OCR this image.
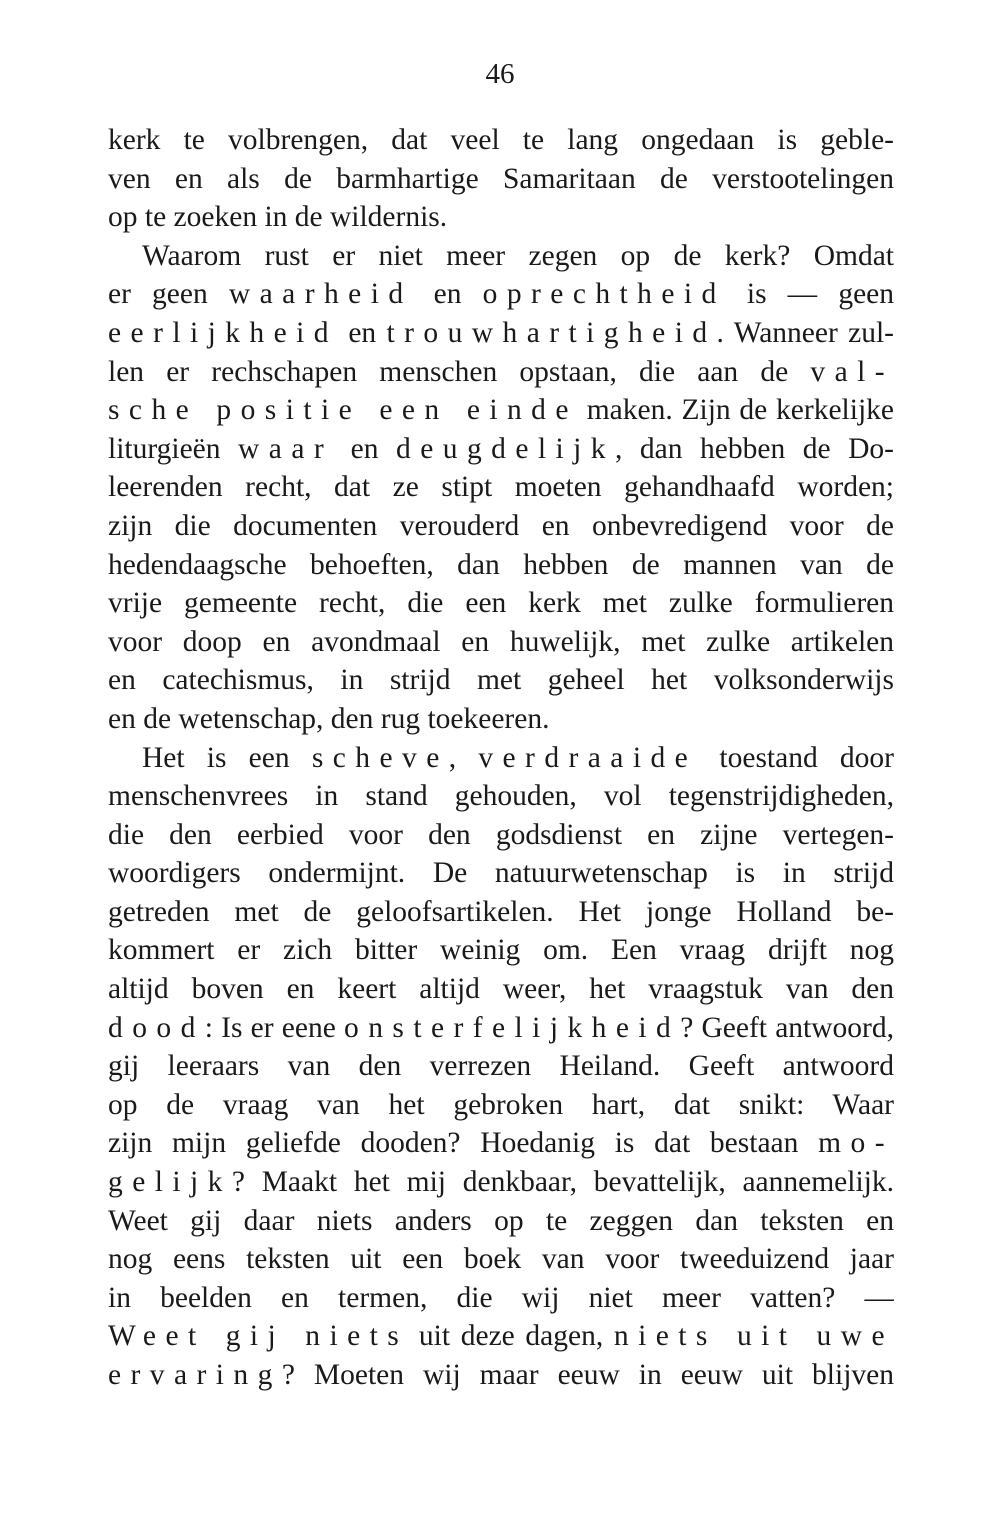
46
kerk te volbrengen, dat veel te lang ongedaan is geble-
ven en als de barmhartige Samaritaan de verstootelingen
op te zoeken in de wildernis.
Waarom rust er niet meer zegen op de kerk? Omdat
er geen waarheid en oprechtheid is — geen
eerlijkheid en trouwhartigheid. Wanneer zul-
len er rechschapen menschen opstaan, die aan de val-
sche positie een einde maken. Zijn de kerkelijke
liturgieën waar en deugdelijk, dan hebben de Do-
leerenden recht, dat ze stipt moeten gehandhaafd worden;
zijn die documenten verouderd en onbevredigend voor de
hedendaagsche behoeften, dan hebben de mannen van de
vrije gemeente recht, die een kerk met zulke formulieren
voor doop en avondmaal en huwelijk, met zulke artikelen
en catechismus, in strijd met geheel het volksonderwijs
en de wetenschap, den rug toekeeren.
Het is een scheve, verdraaide toestand door
menschenvrees in stand gehouden, vol tegenstrijdigheden,
die den eerbied voor den godsdienst en zijne vertegen-
woordigers ondermijnt. De natuurwetenschap is in strijd
getreden met de geloofsartikelen. Het jonge Holland be-
kommert er zich bitter weinig om. Een vraag drijft nog
altijd boven en keert altijd weer, het vraagstuk van den
dood: Is er eene onsterfelijkheid? Geeft antwoord,
gij leeraars van den verrezen Heiland. Geeft antwoord
op de vraag van het gebroken hart, dat snikt: Waar
zijn mijn geliefde dooden? Hoedanig is dat bestaan mo-
gelijk? Maakt het mij denkbaar, bevattelijk, aannemelijk.
Weet gij daar niets anders op te zeggen dan teksten en
nog eens teksten uit een boek van voor tweeduizend jaar
in beelden en termen, die wij niet meer vatten? —
Weet gij niets uit deze dagen, niets uit uwe
ervaring? Moeten wij maar eeuw in eeuw uit blijven
